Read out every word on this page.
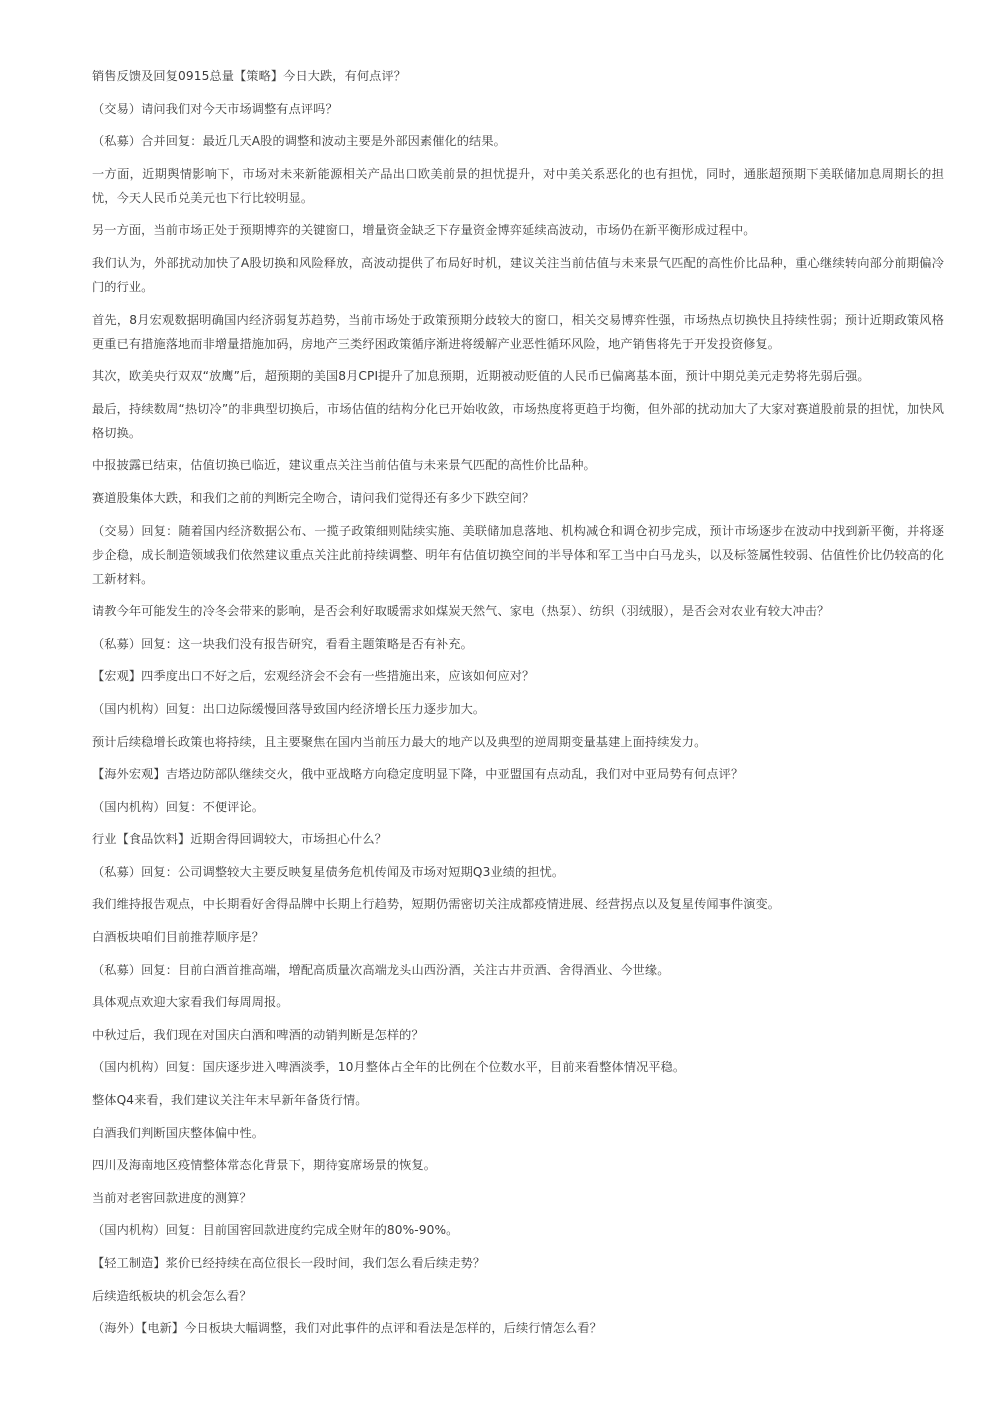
销售反馈及回复0915总量【策略】今日大跌，有何点评？

（交易）请问我们对今天市场调整有点评吗？

（私募）合并回复：最近几天A股的调整和波动主要是外部因素催化的结果。

一方面，近期舆情影响下，市场对未来新能源相关产品出口欧美前景的担忧提升，对中美关系恶化的也有担忧，同时，通胀超预期下美联储加息周期长的担忧，今天人民币兑美元也下行比较明显。

另一方面，当前市场正处于预期博弈的关键窗口，增量资金缺乏下存量资金博弈延续高波动，市场仍在新平衡形成过程中。

我们认为，外部扰动加快了A股切换和风险释放，高波动提供了布局好时机，建议关注当前估值与未来景气匹配的高性价比品种，重心继续转向部分前期偏冷门的行业。

首先，8月宏观数据明确国内经济弱复苏趋势，当前市场处于政策预期分歧较大的窗口，相关交易博弈性强，市场热点切换快且持续性弱；预计近期政策风格更重已有措施落地而非增量措施加码，房地产三类纾困政策循序渐进将缓解产业恶性循环风险，地产销售将先于开发投资修复。

其次，欧美央行双双“放鹰”后，超预期的美国8月CPI提升了加息预期，近期被动贬值的人民币已偏离基本面，预计中期兑美元走势将先弱后强。

最后，持续数周“热切冷”的非典型切换后，市场估值的结构分化已开始收敛，市场热度将更趋于均衡，但外部的扰动加大了大家对赛道股前景的担忧，加快风格切换。

中报披露已结束，估值切换已临近，建议重点关注当前估值与未来景气匹配的高性价比品种。

赛道股集体大跌，和我们之前的判断完全吻合，请问我们觉得还有多少下跌空间？

（交易）回复：随着国内经济数据公布、一揽子政策细则陆续实施、美联储加息落地、机构减仓和调仓初步完成，预计市场逐步在波动中找到新平衡，并将逐步企稳，成长制造领域我们依然建议重点关注此前持续调整、明年有估值切换空间的半导体和军工当中白马龙头，以及标签属性较弱、估值性价比仍较高的化工新材料。

请教今年可能发生的冷冬会带来的影响，是否会利好取暖需求如煤炭天然气、家电（热泵）、纺织（羽绒服），是否会对农业有较大冲击？

（私募）回复：这一块我们没有报告研究，看看主题策略是否有补充。

【宏观】四季度出口不好之后，宏观经济会不会有一些措施出来，应该如何应对？

（国内机构）回复：出口边际缓慢回落导致国内经济增长压力逐步加大。

预计后续稳增长政策也将持续，且主要聚焦在国内当前压力最大的地产以及典型的逆周期变量基建上面持续发力。

【海外宏观】吉塔边防部队继续交火，俄中亚战略方向稳定度明显下降，中亚盟国有点动乱，我们对中亚局势有何点评？

（国内机构）回复：不便评论。

行业【食品饮料】近期舍得回调较大，市场担心什么？

（私募）回复：公司调整较大主要反映复星债务危机传闻及市场对短期Q3业绩的担忧。

我们维持报告观点，中长期看好舍得品牌中长期上行趋势，短期仍需密切关注成都疫情进展、经营拐点以及复星传闻事件演变。

白酒板块咱们目前推荐顺序是？

（私募）回复：目前白酒首推高端，增配高质量次高端龙头山西汾酒，关注古井贡酒、舍得酒业、今世缘。

具体观点欢迎大家看我们每周周报。

中秋过后，我们现在对国庆白酒和啤酒的动销判断是怎样的？

（国内机构）回复：国庆逐步进入啤酒淡季，10月整体占全年的比例在个位数水平，目前来看整体情况平稳。

整体Q4来看，我们建议关注年末早新年备货行情。

白酒我们判断国庆整体偏中性。

四川及海南地区疫情整体常态化背景下，期待宴席场景的恢复。

当前对老窖回款进度的测算？

（国内机构）回复：目前国窖回款进度约完成全财年的80%-90%。

【轻工制造】浆价已经持续在高位很长一段时间，我们怎么看后续走势？

后续造纸板块的机会怎么看？

（海外）【电新】今日板块大幅调整，我们对此事件的点评和看法是怎样的，后续行情怎么看？
